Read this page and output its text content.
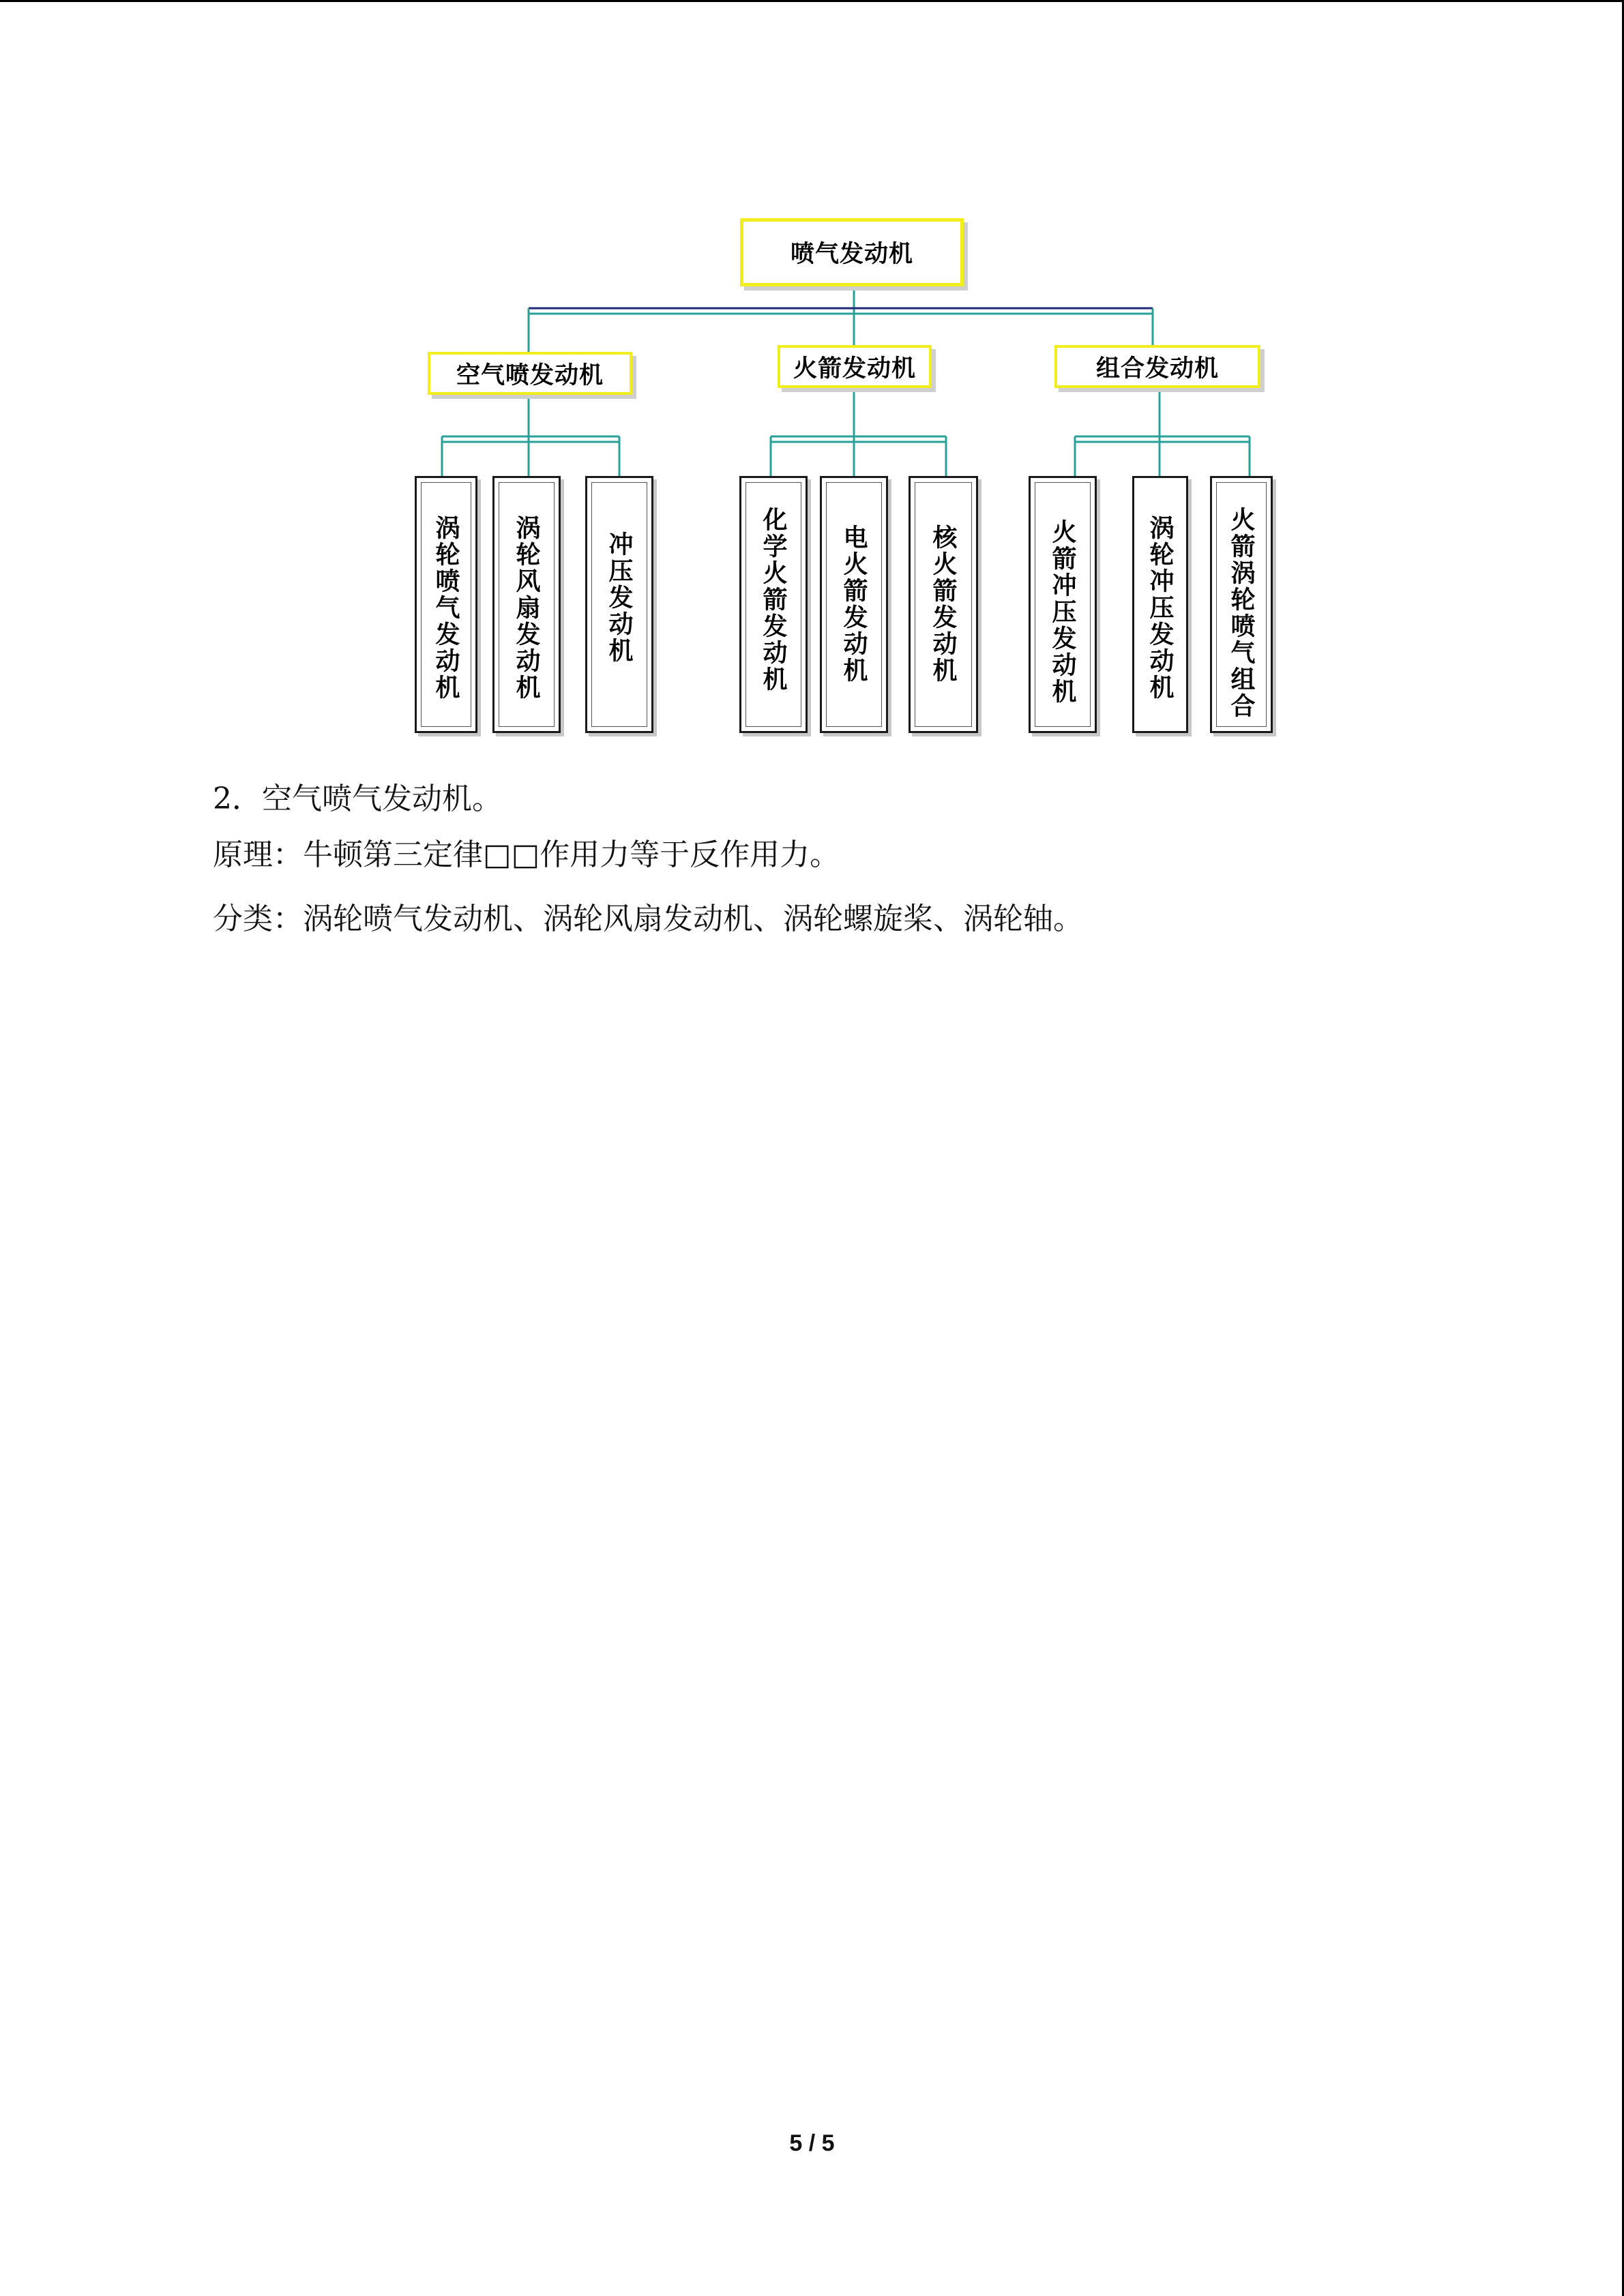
喷气发动机
空气喷发动机	火箭发动机	组合发动机
涡轮喷气发动机 涡轮风扇发动机	冲压发动机	化学火箭发动机 电火箭发动机 核火箭发动机	火箭冲压发动机	涡轮冲压发动机 火箭涡轮喷气组合
2．空气喷气发动机。
原理：牛顿第三定律□□作用力等于反作用力。
分类：涡轮喷气发动机、涡轮风扇发动机、涡轮螺旋桨、涡轮轴。
5 / 5
